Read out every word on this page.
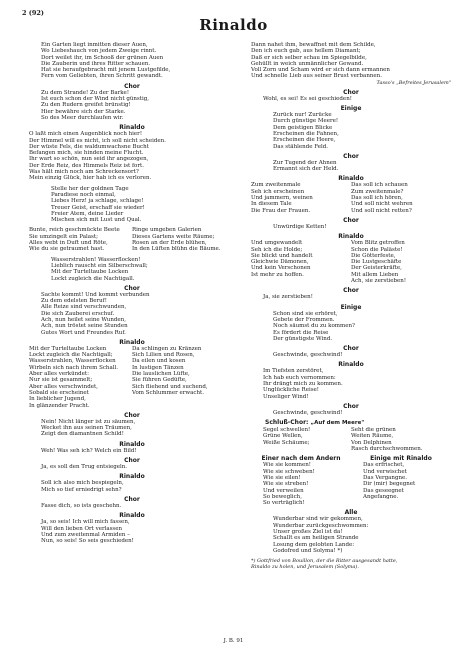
2 (92)
Rinaldo
Ein Garten liegt inmitten dieser Auen,
Wo Liebeshauch von jedem Zweige rinnt.
Dort weilet ihr, im Schooß der grünen Auen
Die Zauberin und ihres Ritter schauen.
Hat sie heraufgebracht mit jenem Lustgefilde,
Fern vom Geliebten, ihren Schritt gewandt.
Chor
Zu dem Strande! Zu der Barke!
Ist euch schon der Wind nicht günstig,
Zu den Rudern greifet brünstig!
Hier bewähre sich der Starke.
So des Meer durchlaufen wir.
Rinaldo
O laßt mich einen Augenblick noch hier!
Der Himmel will es nicht, ich soll nicht scheiden.
Der wüste Fels, die waldumwachsne Bucht
Befangen mich, sie hinden meine Flucht.
Ihr wart so schön, nun seid ihr angezogen,
Der Erde Reiz, des Himmels Reiz ist fort.
Was hält mich noch am Schreckensort?
Mein einzig Glück, hier hab ich es verloren.
Stelle her der goldnen Tage
Paradiese noch einmal,
Liebes Herz! ja schlage, schlage!
Treuer Geist, erschaff sie wieder!
Freier Atem, deine Lieder
Mischen sich mit Lust und Qual.
Bunte, reich geschmückte Beete
Sie umzingelt ein Palast;
Alles webt in Duft und Röte,
Wie du sie getraumet hast.
Ringe umgeben Galerien
Dieses Gartens weite Räume;
Rosen an der Erde blühen,
In den Lüften blühn die Bäume.
Wasserstrahlen! Wasserflocken!
Lieblich rauscht ein Silberschwall;
Mit der Turteltaube Locken
Lockt zugleich die Nachtigall.
Chor
Sachte kommt! Und kommt verbunden
Zu dem edelsten Beruf!
Alle Reize sind verschwunden,
Die sich Zauberei erschuf.
Ach, nun heilet seine Wunden,
Ach, nun tröstet seine Stunden
Gutes Wort und Freundes Ruf.
Rinaldo
Mit der Turteltaube Locken
Lockt zugleich die Nachtigall;
Wasserstrahlen, Wasserflocken
Wirbeln sich nach ihrem Schall.
Aber alles verkündet:
Nur sie ist gesammelt;
Aber alles verschwindet,
Sobald sie erscheinet
In lieblicher Jugend,
In glänzender Pracht.
Da schlingen zu Kränzen
Sich Lilien und Rosen,
Da eilen und kosen
In lustigen Tänzen
Die lauslichen Lüfte,
Sie führen Gedüfte,
Sich fliehend und suchend,
Vom Schlummer erwacht.
Chor
Nein! Nicht länger ist zu säumen,
Wecket ihn aus seinen Träumen,
Zeigt den diamantnen Schild!
Rinaldo
Weh! Was seh ich? Welch ein Bild!
Chor
Ja, es soll den Trug entsiegeln.
Rinaldo
Soll ich also mich bespiegeln,
Mich so tief erniedrigt sehn?
Chor
Fasse dich, so ists geschehn.
Rinaldo
Ja, so seis! Ich will mich fassen,
Will den lieben Ort verlassen
Und zum zweitenmal Armiden –
Nun, so seis! So seis geschieden!
Dann nahet ihm, bewaffnet mit dem Schilde,
Den ich euch gab, aus hellem Diamant;
Daß er sich selber schau im Spiegelbilde,
Gehüllt in weich unmännlicher Gewand.
Voll Zorn und Scham wird er sich dann ermannen
Und schnelle Lieb aus seiner Brust verbannen.
Tasso's „Befreites Jerusalem"
Chor
Wohl, es sei! Es sei geschieden!
Einige
Zurück nur! Zurücke
Durch günstige Meere!
Dem geistigen Blicke
Erscheinen die Fahnen,
Erscheinen die Heere,
Das stählende Feld.
Chor
Zur Tugend der Ahnen
Ermannt sich der Held.
Rinaldo
Zum zweitenmale
Seh ich erscheinen
Und jammern, weinen
In diesem Tale
Die Frau der Frauen.
Das soll ich schauen
Zum zweitenmale?
Das soll ich hören,
Und soll nicht wehren
Und soll nicht retten?
Chor
Unwürdige Ketten!
Rinaldo
Und umgewandelt
Seh ich die Holde;
Sie blickt und handelt
Gleichwie Dämonen,
Und kein Verschonen
Ist mehr zu hoffen.
Vom Blitz getroffen
Schon die Paläste!
Die Götterfeste,
Die Lustgeschäfte
Der Geisterkräfte,
Mit allem Lieben
Ach, sie zerstieben!
Chor
Ja, sie zerstieben!
Einige
Schon sind sie erhöret,
Gebete der Frommen.
Noch säumst du zu kommen?
Es fördert die Reise
Der günstigste Wind.
Chor
Geschwinde, geschwind!
Rinaldo
Im Tiefsten zerstöret,
Ich hab euch vernommen:
Ihr drängt mich zu kommen.
Unglückliche Reise!
Unseliger Wind!
Chor
Geschwinde, geschwind!
Schluß-Chor: „Auf dem Meere"
Segel schwellen!
Grüne Wellen,
Weiße Schäume;
Seht die grünen
Weiten Räume,
Von Delphinen
Rasch durchschwommen.
Einer nach dem Andern
Wie sie kommen!
Wie sie schweben!
Wie sie eilen!
Wie sie streben!
Und verweilen
So beweglich,
So verträglich!
Einige mit Rinaldo
Das erfrischet,
Und verwischet
Das Vergangne.
Dir (mir) begegnet
Das geseegnet
Angefangne.
Alle
Wunderbar sind wir gekommen,
Wunderbar zurückgeschwommen:
Unser großes Ziel ist da!
Schallt es am heiligen Strande
Losung dem gelobten Lande:
Godofred und Solyma! *)
*) Gottfried von Bouillon, der die Ritter ausgesandt hatte,
Rinaldo zu holen, und Jerusalem (Solyma).
J. B. 91
